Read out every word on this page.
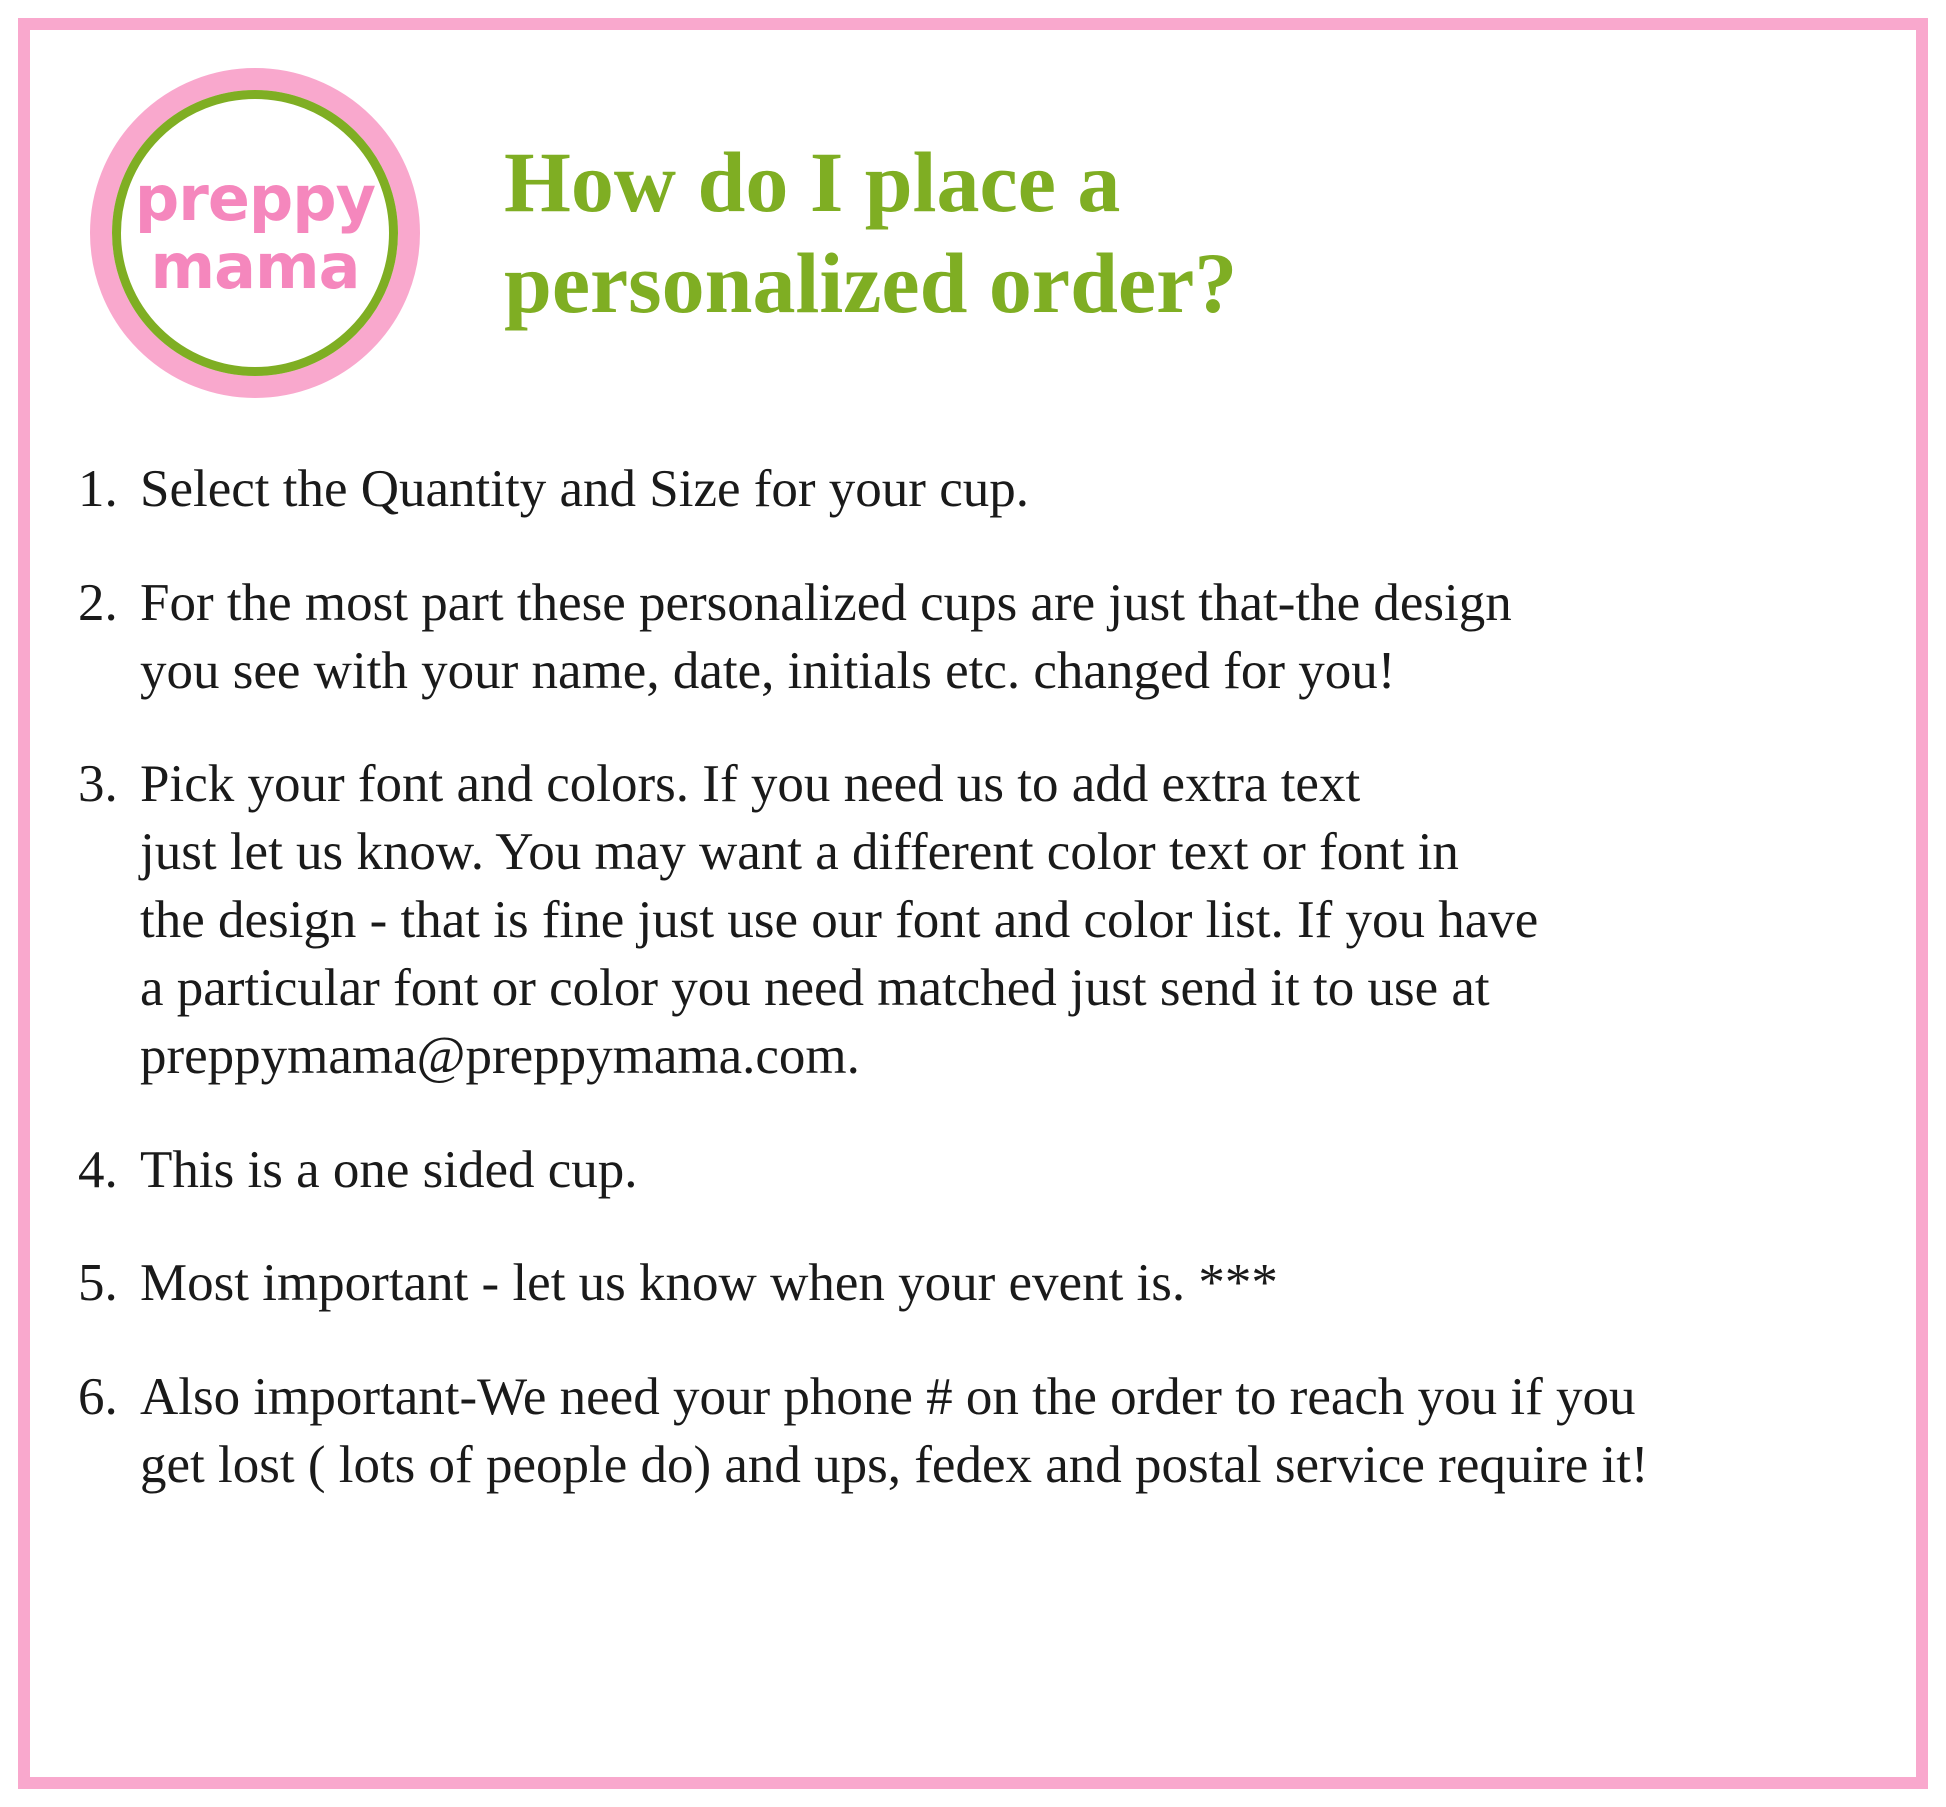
preppy
mama
How do I place a
personalized order?
1. Select the Quantity and Size for your cup.
2. For the most part these personalized cups are just that-the design
you see with your name, date, initials etc. changed for you!
3. Pick your font and colors. If you need us to add extra text
just let us know. You may want a different color text or font in
the design - that is fine just use our font and color list. If you have
a particular font or color you need matched just send it to use at
preppymama@preppymama.com.
4. This is a one sided cup.
5. Most important - let us know when your event is. ***
6. Also important-We need your phone # on the order to reach you if you
get lost ( lots of people do) and ups, fedex and postal service require it!
